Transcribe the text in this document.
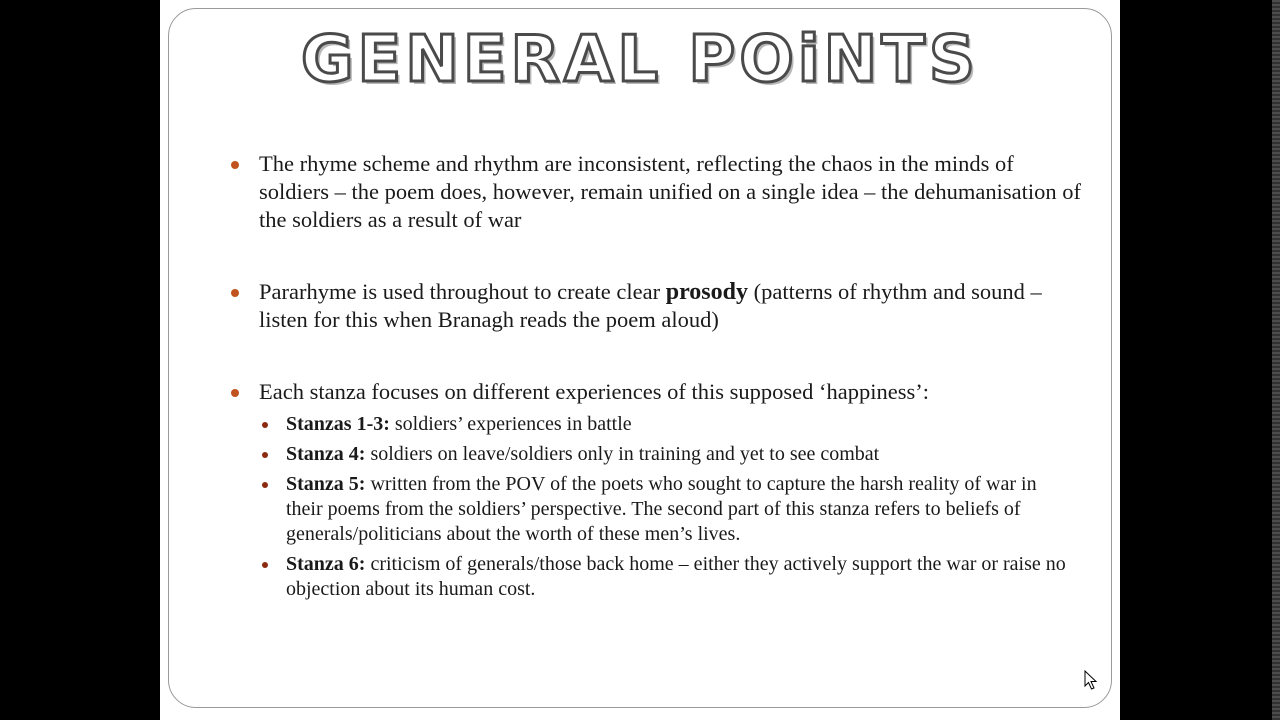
GENERAL POiNTS
The rhyme scheme and rhythm are inconsistent, reflecting the chaos in the minds of soldiers – the poem does, however, remain unified on a single idea – the dehumanisation of the soldiers as a result of war
Pararhyme is used throughout to create clear prosody (patterns of rhythm and sound – listen for this when Branagh reads the poem aloud)
Each stanza focuses on different experiences of this supposed ‘happiness’:
Stanzas 1-3: soldiers’ experiences in battle
Stanza 4: soldiers on leave/soldiers only in training and yet to see combat
Stanza 5: written from the POV of the poets who sought to capture the harsh reality of war in their poems from the soldiers’ perspective. The second part of this stanza refers to beliefs of generals/politicians about the worth of these men’s lives.
Stanza 6: criticism of generals/those back home – either they actively support the war or raise no objection about its human cost.
